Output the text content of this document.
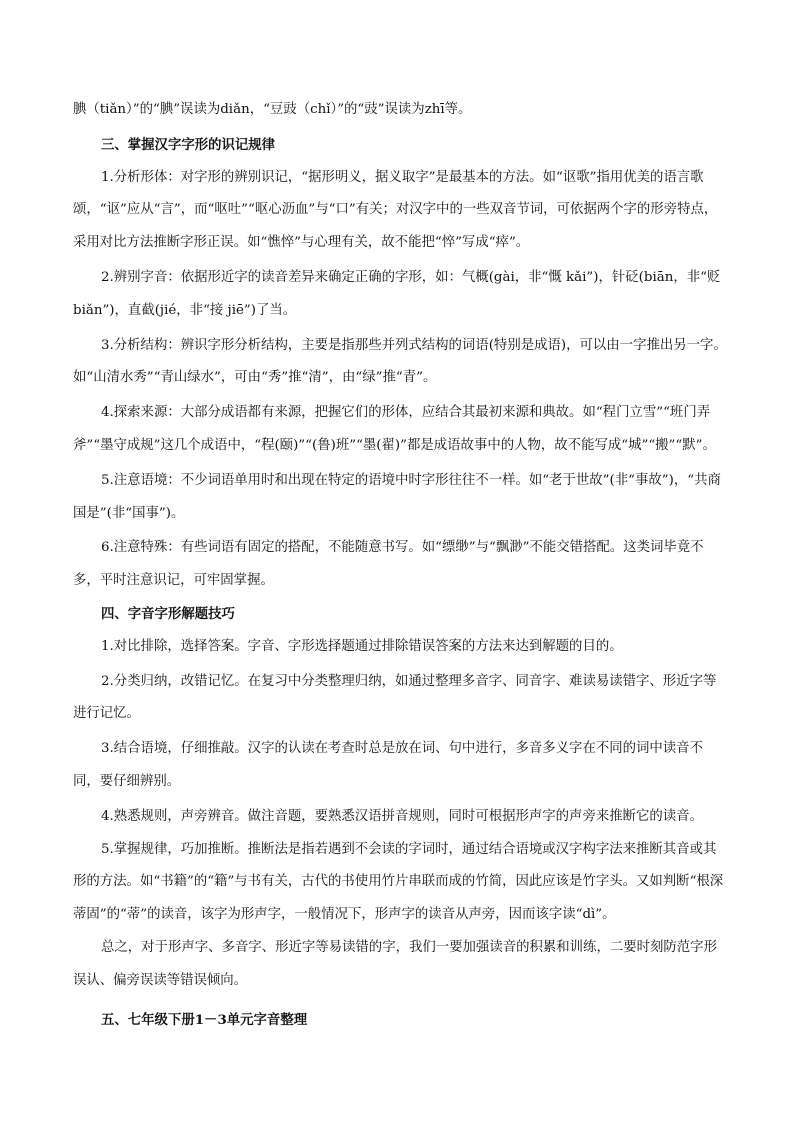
腆（tiǎn）”的“腆”误读为diǎn，“豆豉（chǐ）”的“豉”误读为zhī等。

三、掌握汉字字形的识记规律

1.分析形体：对字形的辨别识记，“据形明义，据义取字”是最基本的方法。如“讴歌”指用优美的语言歌颂，“讴”应从“言”，而“呕吐”“呕心沥血”与“口”有关；对汉字中的一些双音节词，可依据两个字的形旁特点，采用对比方法推断字形正误。如“憔悴”与心理有关，故不能把“悴”写成“瘁”。

2.辨别字音：依据形近字的读音差异来确定正确的字形，如：气概(gài，非“慨 kǎi”)，针砭(biān，非“贬 biǎn”)，直截(jié，非“接 jiē”)了当。

3.分析结构：辨识字形分析结构，主要是指那些并列式结构的词语(特别是成语)，可以由一字推出另一字。如“山清水秀”“青山绿水”，可由“秀”推“清”，由“绿”推“青”。

4.探索来源：大部分成语都有来源，把握它们的形体，应结合其最初来源和典故。如“程门立雪”“班门弄斧”“墨守成规”这几个成语中，“程(颐)”“(鲁)班”“墨(翟)”都是成语故事中的人物，故不能写成“城”“搬”“默”。

5.注意语境：不少词语单用时和出现在特定的语境中时字形往往不一样。如“老于世故”(非“事故”)，“共商国是”(非“国事”)。

6.注意特殊：有些词语有固定的搭配，不能随意书写。如“缥缈”与“飘渺”不能交错搭配。这类词毕竟不多，平时注意识记，可牢固掌握。

四、字音字形解题技巧

1.对比排除，选择答案。字音、字形选择题通过排除错误答案的方法来达到解题的目的。

2.分类归纳，改错记忆。在复习中分类整理归纳，如通过整理多音字、同音字、难读易读错字、形近字等进行记忆。

3.结合语境，仔细推敲。汉字的认读在考查时总是放在词、句中进行，多音多义字在不同的词中读音不同，要仔细辨别。

4.熟悉规则，声旁辨音。做注音题，要熟悉汉语拼音规则，同时可根据形声字的声旁来推断它的读音。

5.掌握规律，巧加推断。推断法是指若遇到不会读的字词时，通过结合语境或汉字构字法来推断其音或其形的方法。如“书籍”的“籍”与书有关，古代的书使用竹片串联而成的竹简，因此应该是竹字头。又如判断“根深蒂固”的“蒂”的读音，该字为形声字，一般情况下，形声字的读音从声旁，因而该字读“dì”。

总之，对于形声字、多音字、形近字等易读错的字，我们一要加强读音的积累和训练，二要时刻防范字形误认、偏旁误读等错误倾向。

五、七年级下册1－3单元字音整理
